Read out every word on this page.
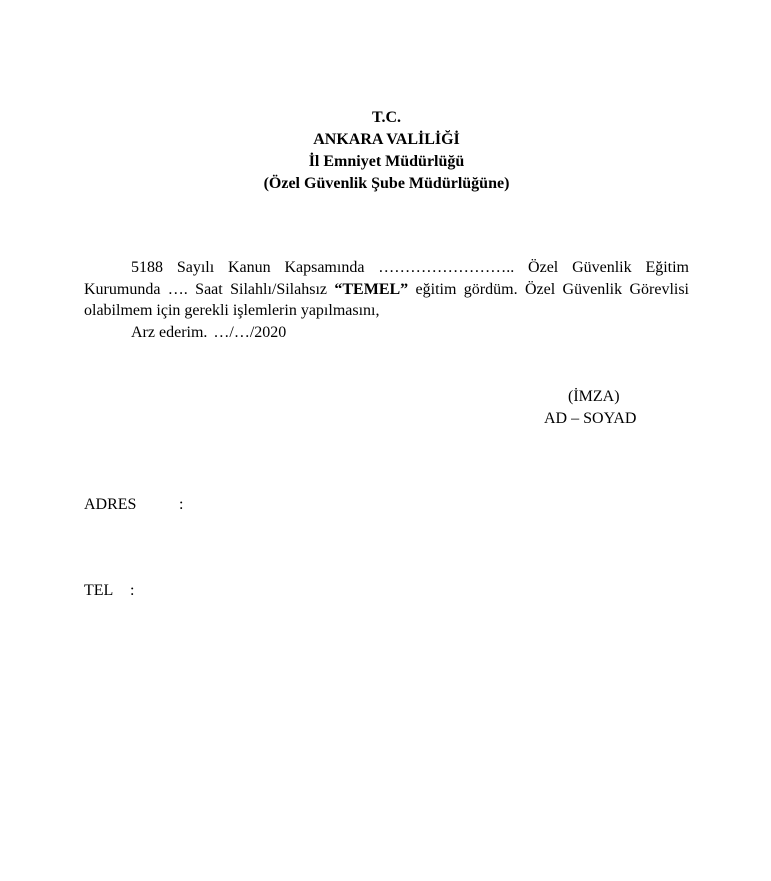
T.C.
ANKARA VALİLİĞİ
İl Emniyet Müdürlüğü
(Özel Güvenlik Şube Müdürlüğüne)

5188 Sayılı Kanun Kapsamında …………………….. Özel Güvenlik Eğitim Kurumunda …. Saat Silahlı/Silahsız “TEMEL” eğitim gördüm. Özel Güvenlik Görevlisi olabilmem için gerekli işlemlerin yapılmasını,

Arz ederim. …/…/2020

(İMZA)
AD – SOYAD
ADRES	:
TEL :
